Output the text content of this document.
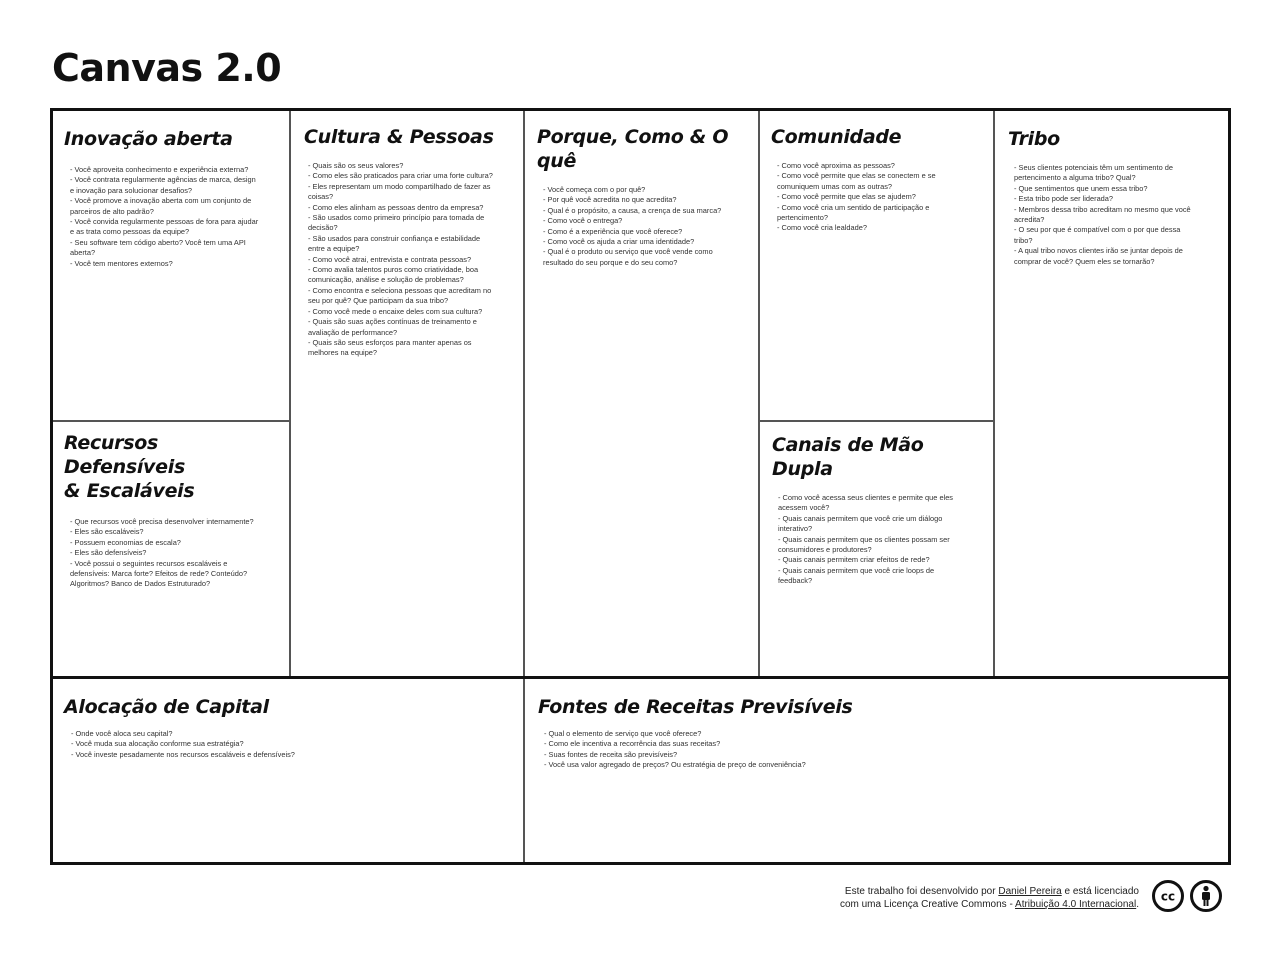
Canvas 2.0
Inovação aberta
- Você aproveita conhecimento e experiência externa?
- Você contrata regularmente agências de marca, design e inovação para solucionar desafios?
- Você promove a inovação aberta com um conjunto de parceiros de alto padrão?
- Você convida regularmente pessoas de fora para ajudar e as trata como pessoas da equipe?
- Seu software tem código aberto? Você tem uma API aberta?
- Você tem mentores externos?
Cultura & Pessoas
- Quais são os seus valores?
- Como eles são praticados para criar uma forte cultura?
- Eles representam um modo compartilhado de fazer as coisas?
- Como eles alinham as pessoas dentro da empresa?
- São usados como primeiro princípio para tomada de decisão?
- São usados para construir confiança e estabilidade entre a equipe?
- Como você atrai, entrevista e contrata pessoas?
- Como avalia talentos puros como criatividade, boa comunicação, análise e solução de problemas?
- Como encontra e seleciona pessoas que acreditam no seu por quê? Que participam da sua tribo?
- Como você mede o encaixe deles com sua cultura?
- Quais são suas ações contínuas de treinamento e avaliação de performance?
- Quais são seus esforços para manter apenas os melhores na equipe?
Porque, Como & O quê
- Você começa com o por quê?
- Por quê você acredita no que acredita?
- Qual é o propósito, a causa, a crença de sua marca?
- Como você o entrega?
- Como é a experiência que você oferece?
- Como você os ajuda a criar uma identidade?
- Qual é o produto ou serviço que você vende como resultado do seu porque e do seu como?
Comunidade
- Como você aproxima as pessoas?
- Como você permite que elas se conectem e se comuniquem umas com as outras?
- Como você permite que elas se ajudem?
- Como você cria um sentido de participação e pertencimento?
- Como você cria lealdade?
Tribo
- Seus clientes potenciais têm um sentimento de pertencimento a alguma tribo? Qual?
- Que sentimentos que unem essa tribo?
- Esta tribo pode ser liderada?
- Membros dessa tribo acreditam no mesmo que você acredita?
- O seu por que é compatível com o por que dessa tribo?
- A qual tribo novos clientes irão se juntar depois de comprar de você? Quem eles se tornarão?
Recursos Defensíveis
& Escaláveis
- Que recursos você precisa desenvolver internamente?
- Eles são escaláveis?
- Possuem economias de escala?
- Eles são defensíveis?
- Você possui o seguintes recursos escaláveis e defensíveis: Marca forte? Efeitos de rede? Conteúdo? Algoritmos? Banco de Dados Estruturado?
Canais de Mão Dupla
- Como você acessa seus clientes e permite que eles acessem você?
- Quais canais permitem que você crie um diálogo interativo?
- Quais canais permitem que os clientes possam ser consumidores e produtores?
- Quais canais permitem criar efeitos de rede?
- Quais canais permitem que você crie loops de feedback?
Alocação de Capital
- Onde você aloca seu capital?
- Você muda sua alocação conforme sua estratégia?
- Você investe pesadamente nos recursos escaláveis e defensíveis?
Fontes de Receitas Previsíveis
- Qual o elemento de serviço que você oferece?
- Como ele incentiva a recorrência das suas receitas?
- Suas fontes de receita são previsíveis?
- Você usa valor agregado de preços? Ou estratégia de preço de conveniência?
Este trabalho foi desenvolvido por Daniel Pereira e está licenciado
com uma Licença Creative Commons - Atribuição 4.0 Internacional.
cc
